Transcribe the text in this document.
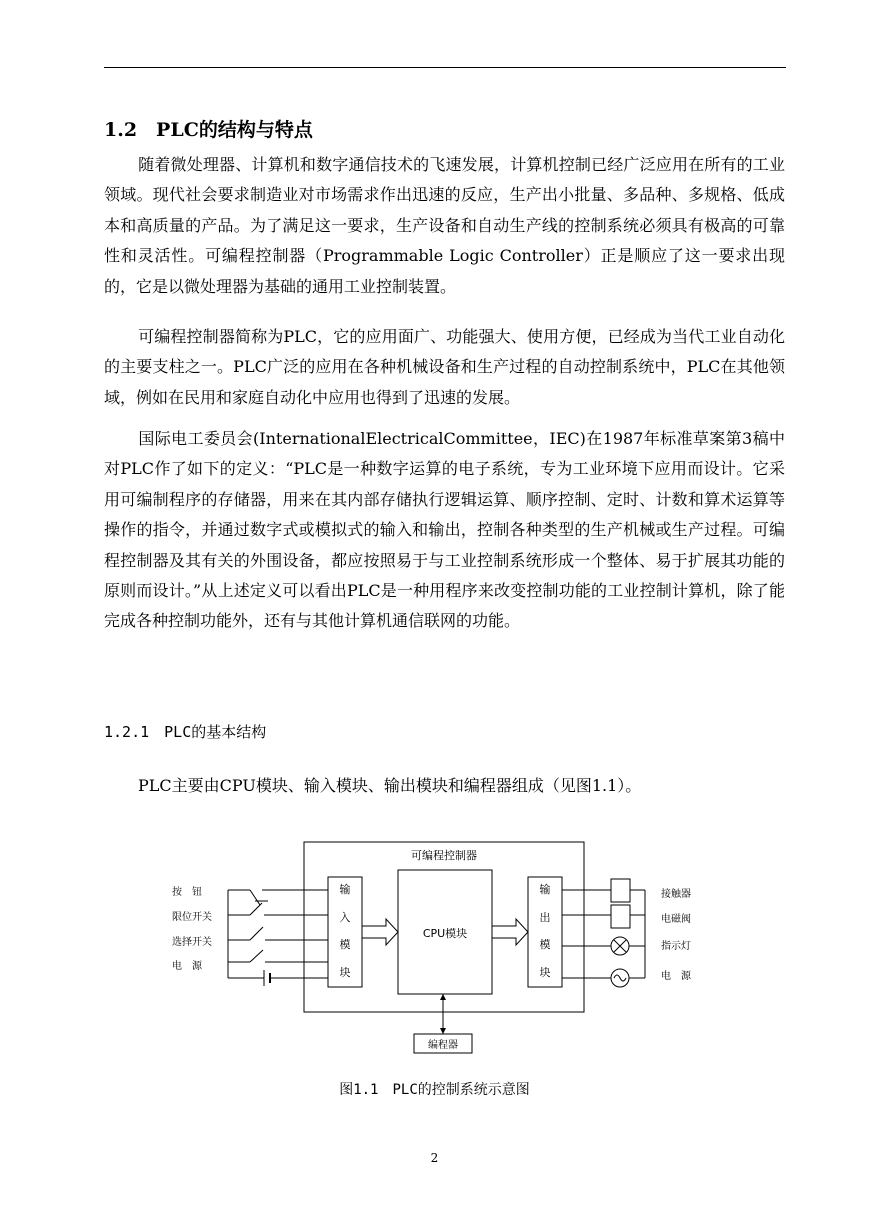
1.2　PLC的结构与特点

随着微处理器、计算机和数字通信技术的飞速发展，计算机控制已经广泛应用在所有的工业领域。现代社会要求制造业对市场需求作出迅速的反应，生产出小批量、多品种、多规格、低成本和高质量的产品。为了满足这一要求，生产设备和自动生产线的控制系统必须具有极高的可靠性和灵活性。可编程控制器（Programmable Logic Controller）正是顺应了这一要求出现的，它是以微处理器为基础的通用工业控制装置。

可编程控制器简称为PLC，它的应用面广、功能强大、使用方便，已经成为当代工业自动化的主要支柱之一。PLC广泛的应用在各种机械设备和生产过程的自动控制系统中，PLC在其他领域，例如在民用和家庭自动化中应用也得到了迅速的发展。

国际电工委员会(InternationalElectricalCommittee，IEC)在1987年标准草案第3稿中对PLC作了如下的定义：“PLC是一种数字运算的电子系统，专为工业环境下应用而设计。它采用可编制程序的存储器，用来在其内部存储执行逻辑运算、顺序控制、定时、计数和算术运算等操作的指令，并通过数字式或模拟式的输入和输出，控制各种类型的生产机械或生产过程。可编程控制器及其有关的外围设备，都应按照易于与工业控制系统形成一个整体、易于扩展其功能的原则而设计。”从上述定义可以看出PLC是一种用程序来改变控制功能的工业控制计算机，除了能完成各种控制功能外，还有与其他计算机通信联网的功能。

1.2.1　PLC的基本结构
PLC主要由CPU模块、输入模块、输出模块和编程器组成（见图1.1）。
可编程控制器
输
入
模
块
CPU模块
输
出
模
块
编程器
按　钮
限位开关
选择开关
电　源
接触器
电磁阀
指示灯
电　源
图1.1　PLC的控制系统示意图
2
